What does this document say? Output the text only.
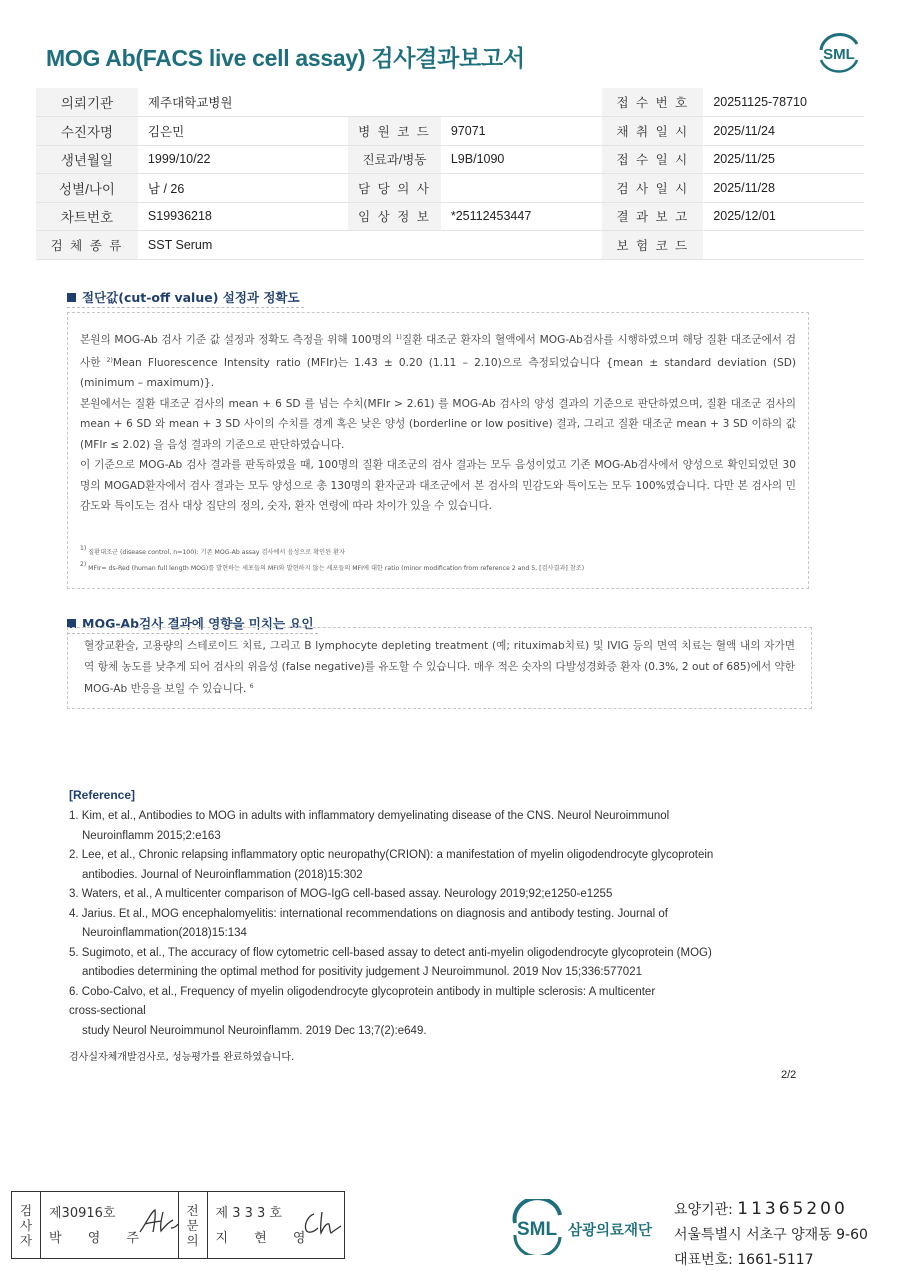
MOG Ab(FACS live cell assay) 검사결과보고서	SML
의뢰기관	제주대학교병원			접 수 번 호	20251125-78710
수진자명	김은민	병 원 코 드	97071	채 취 일 시	2025/11/24
생년월일	1999/10/22	진료과/병동	L9B/1090	접 수 일 시	2025/11/25
성별/나이	남 / 26	담 당 의 사		검 사 일 시	2025/11/28
차트번호	S19936218	임 상 정 보	*25112453447	결 과 보 고	2025/12/01
검 체 종 류	SST Serum			보 험 코 드	
절단값(cut-off value) 설정과 정확도

본원의 MOG-Ab 검사 기준 값 설정과 정확도 측정을 위해 100명의 $^{1)}$질환 대조군 환자의 혈액에서 MOG-Ab검사를 시행하였으며 해당 질환 대조군에서 검사한 $^{2)}$Mean Fluorescence Intensity ratio (MFIr)는 1.43 ± 0.20 (1.11 – 2.10)으로 측정되었습니다 {mean ± standard deviation (SD) (minimum – maximum)}.

본원에서는 질환 대조군 검사의 mean + 6 SD 를 넘는 수치(MFIr > 2.61) 를 MOG-Ab 검사의 양성 결과의 기준으로 판단하였으며, 질환 대조군 검사의 mean + 6 SD 와 mean + 3 SD 사이의 수치를 경계 혹은 낮은 양성 (borderline or low positive) 결과, 그리고 질환 대조군 mean + 3 SD 이하의 값 (MFIr ≤ 2.02) 을 음성 결과의 기준으로 판단하였습니다.

이 기준으로 MOG-Ab 검사 결과를 판독하였을 때, 100명의 질환 대조군의 검사 결과는 모두 음성이었고 기존 MOG-Ab검사에서 양성으로 확인되었던 30명의 MOGAD환자에서 검사 결과는 모두 양성으로 총 130명의 환자군과 대조군에서 본 검사의 민감도와 특이도는 모두 100%였습니다. 다만 본 검사의 민감도와 특이도는 검사 대상 집단의 정의, 숫자, 환자 연령에 따라 차이가 있을 수 있습니다.

$^{1)}$ 질환대조군 (disease control, n=100): 기존 MOG-Ab assay 검사에서 음성으로 확인된 환자
$^{2)}$ MFIr= ds-Red (human full length MOG)를 발현하는 세포들의 MFI와 발현하지 않는 세포들의 MFI에 대한 ratio (minor modification from reference 2 and 5, [검사결과] 참조)
MOG-Ab검사 결과에 영향을 미치는 요인

혈장교환술, 고용량의 스테로이드 치료, 그리고 B lymphocyte depleting treatment (예; rituximab치료) 및 IVIG 등의 면역 치료는 혈액 내의 자가면역 항체 농도를 낮추게 되어 검사의 위음성 (false negative)를 유도할 수 있습니다. 매우 적은 숫자의 다발성경화증 환자 (0.3%, 2 out of 685)에서 약한 MOG-Ab 반응을 보일 수 있습니다. $^6$

[Reference]
1. Kim, et al., Antibodies to MOG in adults with inflammatory demyelinating disease of the CNS. Neurol Neuroimmunol
Neuroinflamm 2015;2:e163
2. Lee, et al., Chronic relapsing inflammatory optic neuropathy(CRION): a manifestation of myelin oligodendrocyte glycoprotein
antibodies. Journal of Neuroinflammation (2018)15:302
3. Waters, et al., A multicenter comparison of MOG-IgG cell-based assay. Neurology 2019;92;e1250-e1255
4. Jarius. Et al., MOG encephalomyelitis: international recommendations on diagnosis and antibody testing. Journal of
Neuroinflammation(2018)15:134
5. Sugimoto, et al., The accuracy of flow cytometric cell-based assay to detect anti-myelin oligodendrocyte glycoprotein (MOG)
antibodies determining the optimal method for positivity judgement J Neuroimmunol. 2019 Nov 15;336:577021
6. Cobo-Calvo, et al., Frequency of myelin oligodendrocyte glycoprotein antibody in multiple sclerosis: A multicenter
cross-sectional
study Neurol Neuroimmunol Neuroinflamm. 2019 Dec 13;7(2):e649.
검사실자체개발검사로, 성능평가를 완료하였습니다.
2/2
검
사
자
제30916호
박 영 주
전
문
의
제 3 3 3 호
지 현 영	SML 삼광의료재단
요양기관: 11365200
서울특별시 서초구 양재동 9-60
대표번호: 1661-5117
